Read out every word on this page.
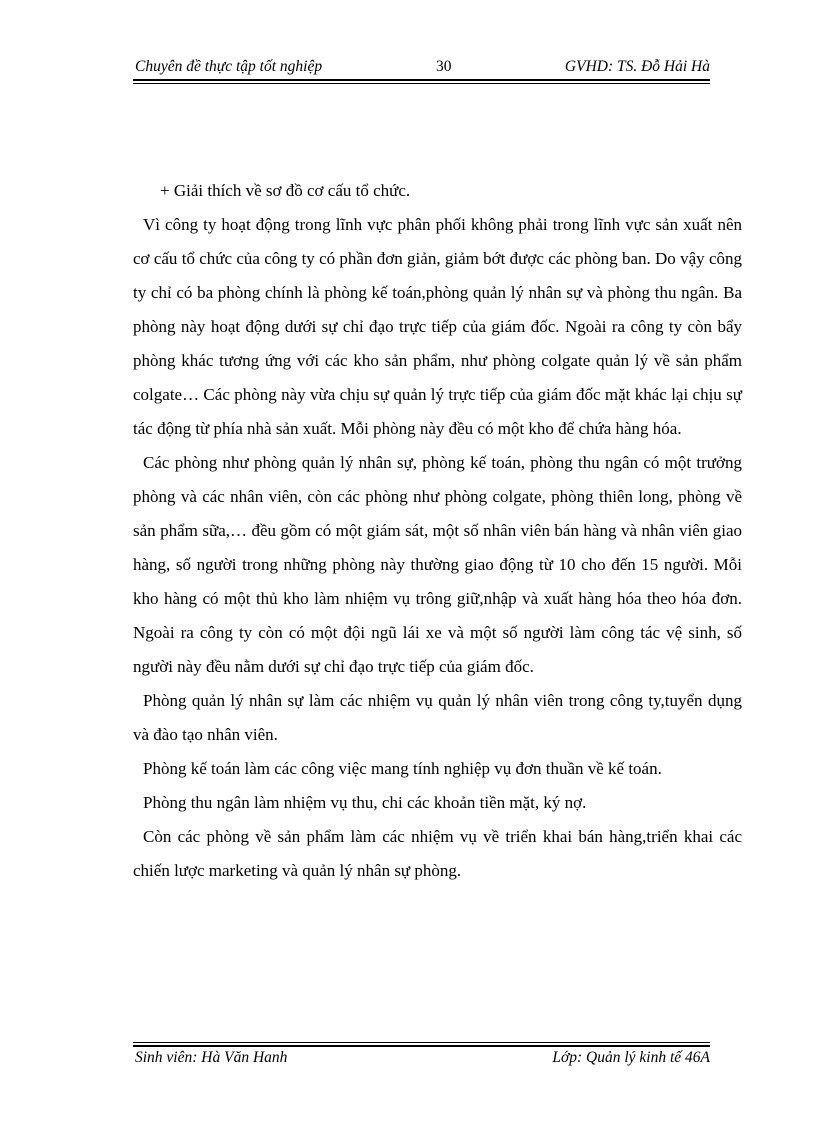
Chuyên đề thực tập tốt nghiệp	30	GVHD: TS. Đỗ Hải Hà

+ Giải thích về sơ đồ cơ cấu tổ chức.

Vì công ty hoạt động trong lĩnh vực phân phối không phải trong lĩnh vực sản xuất nên cơ cấu tổ chức của công ty có phần đơn giản, giảm bớt được các phòng ban. Do vậy công ty chỉ có ba phòng chính là phòng kế toán,phòng quản lý nhân sự và phòng thu ngân. Ba phòng này hoạt động dưới sự chỉ đạo trực tiếp của giám đốc. Ngoài ra công ty còn bẩy phòng khác tương ứng với các kho sản phẩm, như phòng colgate quản lý về sản phẩm colgate… Các phòng này vừa chịu sự quản lý trực tiếp của giám đốc mặt khác lại chịu sự tác động từ phía nhà sản xuất. Mỗi phòng này đều có một kho để chứa hàng hóa.

Các phòng như phòng quản lý nhân sự, phòng kế toán, phòng thu ngân có một trưởng phòng và các nhân viên, còn các phòng như phòng colgate, phòng thiên long, phòng về sản phẩm sữa,… đều gồm có một giám sát, một số nhân viên bán hàng và nhân viên giao hàng, số người trong những phòng này thường giao động từ 10 cho đến 15 người. Mỗi kho hàng có một thủ kho làm nhiệm vụ trông giữ,nhập và xuất hàng hóa theo hóa đơn. Ngoài ra công ty còn có một đội ngũ lái xe và một số người làm công tác vệ sinh, số người này đều nằm dưới sự chỉ đạo trực tiếp của giám đốc.

Phòng quản lý nhân sự làm các nhiệm vụ quản lý nhân viên trong công ty,tuyển dụng và đào tạo nhân viên.

Phòng kế toán làm các công việc mang tính nghiệp vụ đơn thuần về kế toán.

Phòng thu ngân làm nhiệm vụ thu, chi các khoản tiền mặt, ký nợ.

Còn các phòng về sản phẩm làm các nhiệm vụ về triển khai bán hàng,triển khai các chiến lược marketing và quản lý nhân sự phòng.

Sinh viên: Hà Văn Hanh	Lớp: Quản lý kinh tế 46A
